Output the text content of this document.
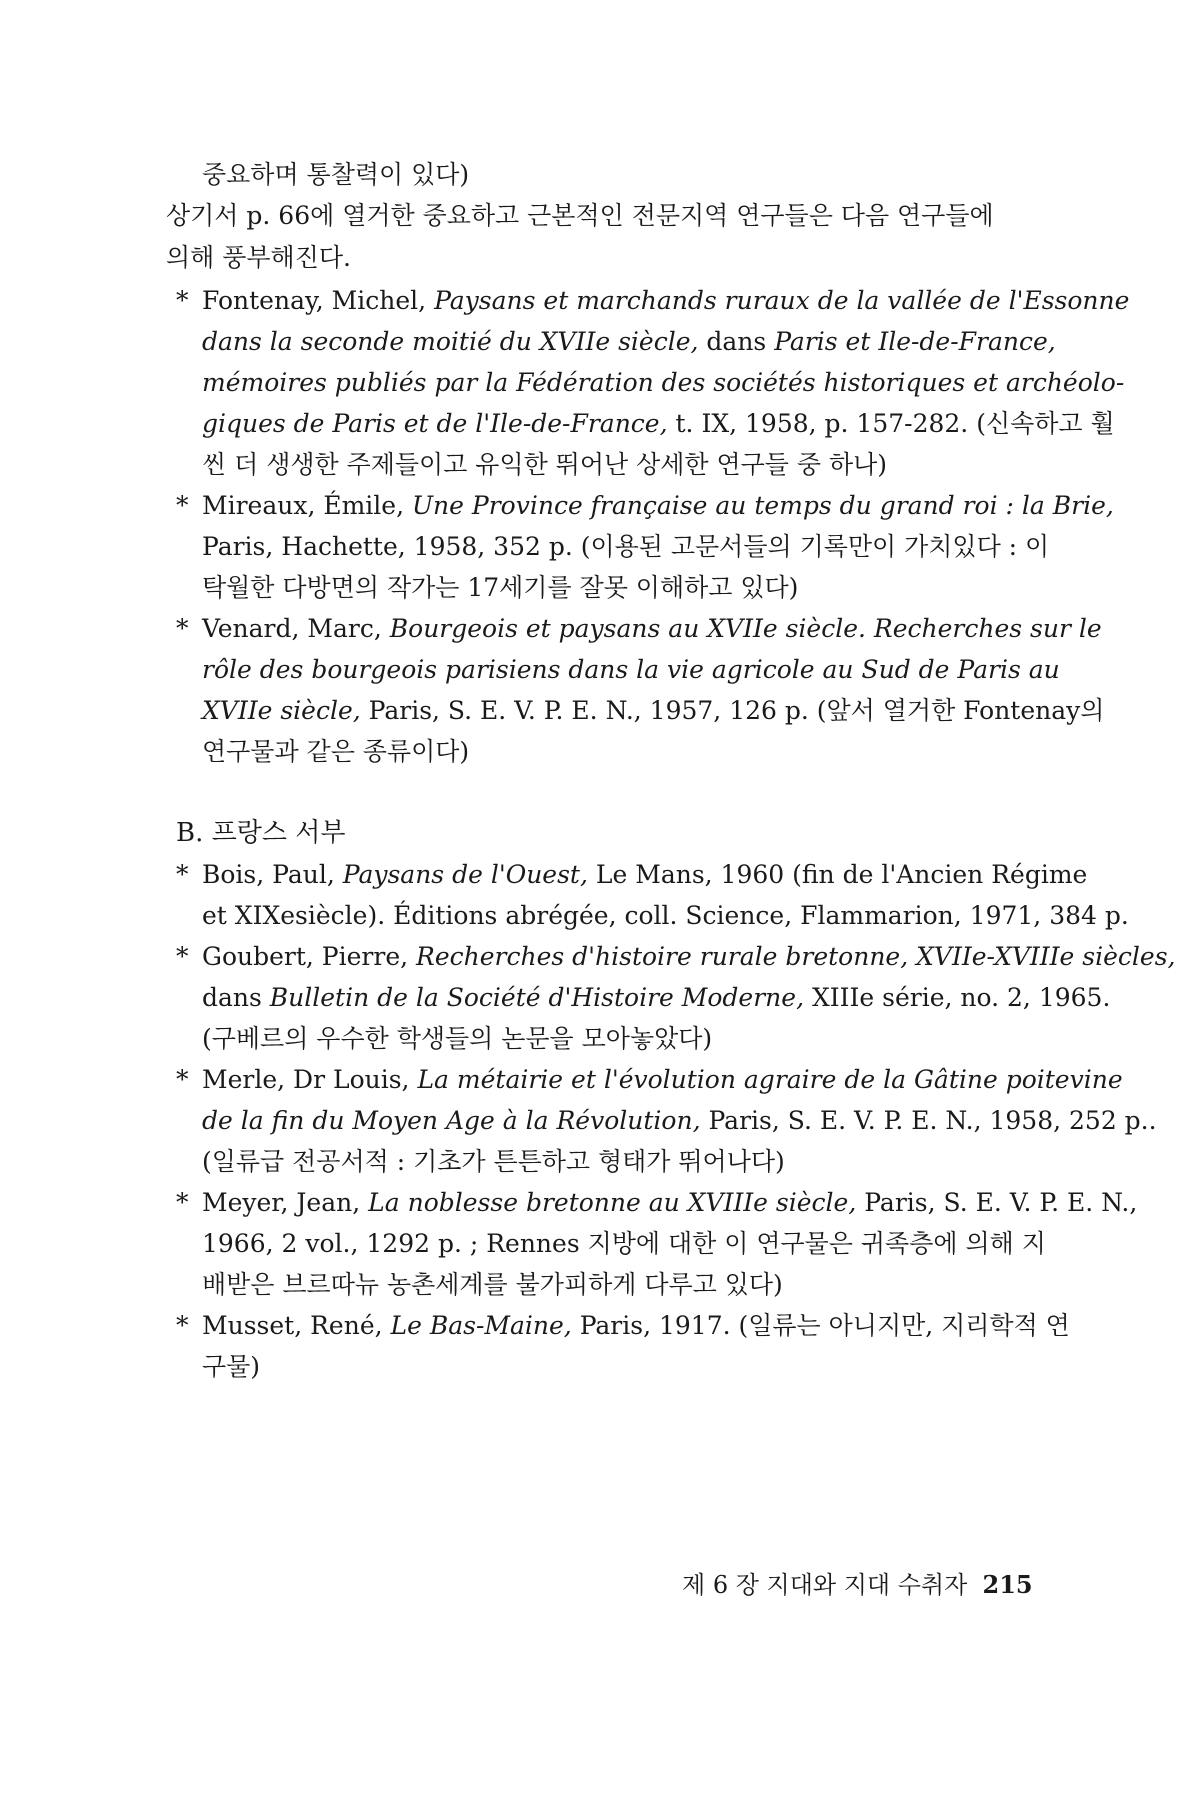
중요하며 통찰력이 있다)
상기서 p. 66에 열거한 중요하고 근본적인 전문지역 연구들은 다음 연구들에
의해 풍부해진다.
* Fontenay, Michel, Paysans et marchands ruraux de la vallée de l'Essonne
dans la seconde moitié du XVIIe siècle, dans Paris et Ile-de-France,
mémoires publiés par la Fédération des sociétés historiques et archéolo-
giques de Paris et de l'Ile-de-France, t. IX, 1958, p. 157-282. (신속하고 훨
씬 더 생생한 주제들이고 유익한 뛰어난 상세한 연구들 중 하나)
* Mireaux, Émile, Une Province française au temps du grand roi : la Brie,
Paris, Hachette, 1958, 352 p. (이용된 고문서들의 기록만이 가치있다 : 이
탁월한 다방면의 작가는 17세기를 잘못 이해하고 있다)
* Venard, Marc, Bourgeois et paysans au XVIIe siècle. Recherches sur le
rôle des bourgeois parisiens dans la vie agricole au Sud de Paris au
XVIIe siècle, Paris, S. E. V. P. E. N., 1957, 126 p. (앞서 열거한 Fontenay의
연구물과 같은 종류이다)
B. 프랑스 서부
* Bois, Paul, Paysans de l'Ouest, Le Mans, 1960 (fin de l'Ancien Régime
et XIXesiècle). Éditions abrégée, coll. Science, Flammarion, 1971, 384 p.
* Goubert, Pierre, Recherches d'histoire rurale bretonne, XVIIe-XVIIIe siècles,
dans Bulletin de la Société d'Histoire Moderne, XIIIe série, no. 2, 1965.
(구베르의 우수한 학생들의 논문을 모아놓았다)
* Merle, Dr Louis, La métairie et l'évolution agraire de la Gâtine poitevine
de la fin du Moyen Age à la Révolution, Paris, S. E. V. P. E. N., 1958, 252 p..
(일류급 전공서적 : 기초가 튼튼하고 형태가 뛰어나다)
* Meyer, Jean, La noblesse bretonne au XVIIIe siècle, Paris, S. E. V. P. E. N.,
1966, 2 vol., 1292 p. ; Rennes 지방에 대한 이 연구물은 귀족층에 의해 지
배받은 브르따뉴 농촌세계를 불가피하게 다루고 있다)
* Musset, René, Le Bas-Maine, Paris, 1917. (일류는 아니지만, 지리학적 연
구물)
제 6 장 지대와 지대 수취자 215
